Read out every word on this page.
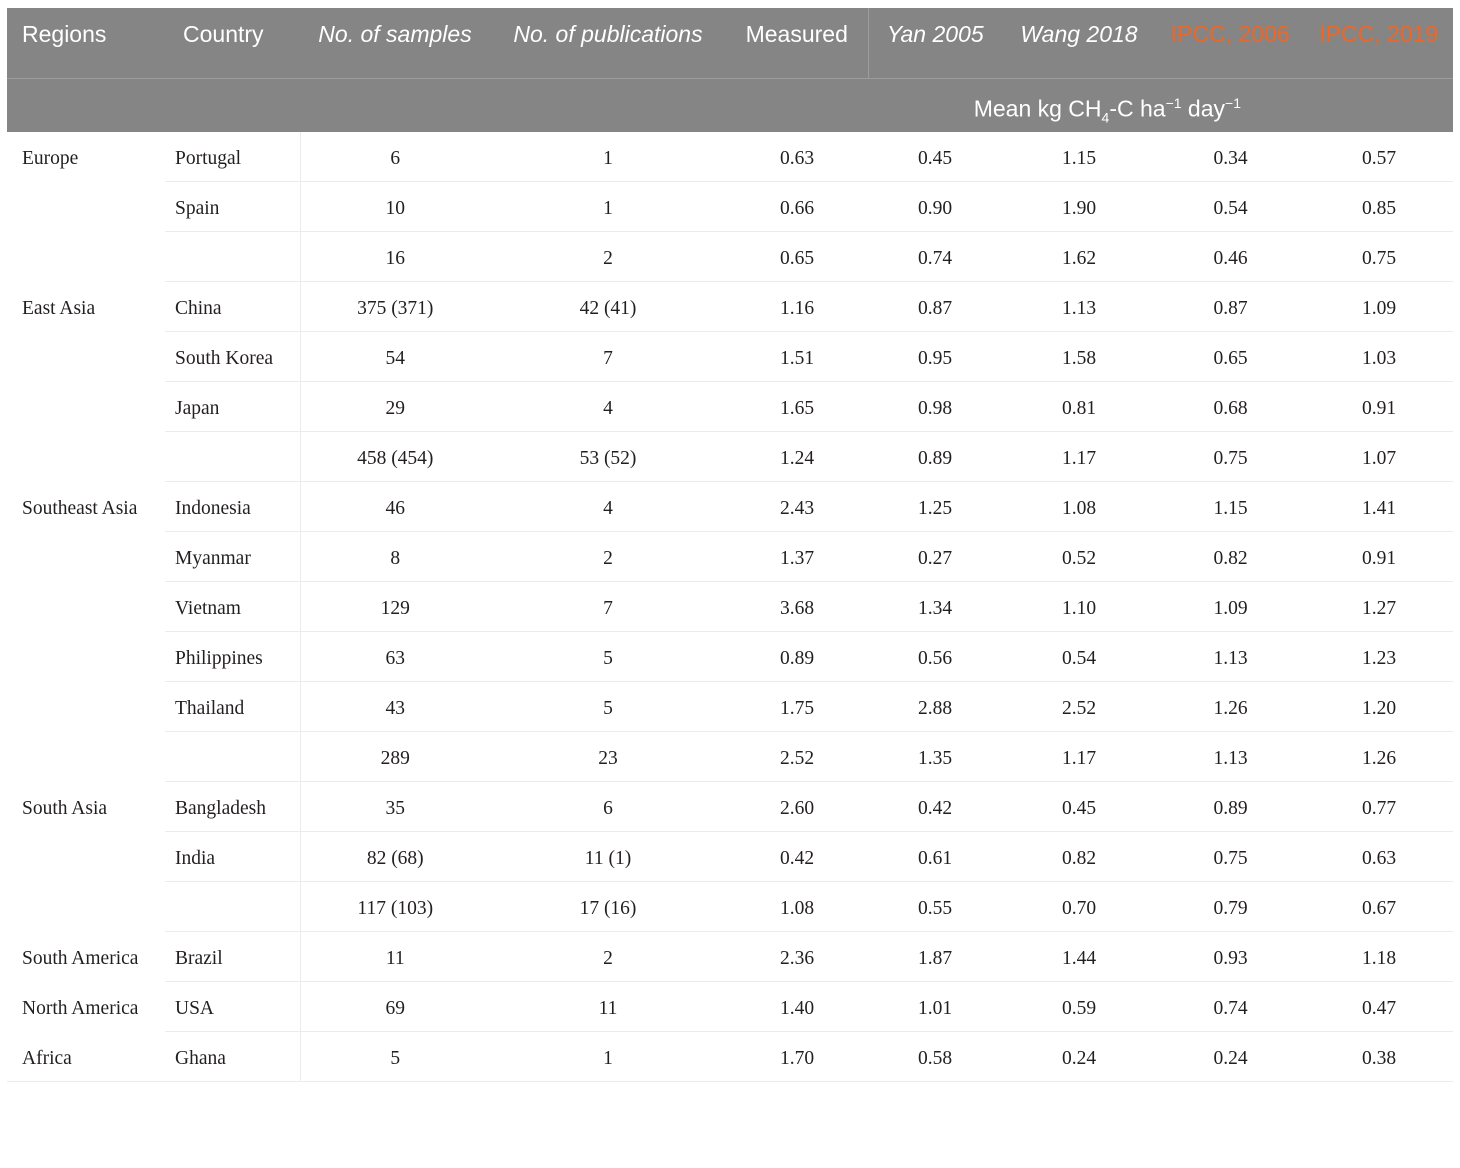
Regions	Country	No. of samples	No. of publications	Measured	Yan 2005	Wang 2018	IPCC, 2006	IPCC, 2019
Mean kg $CH_4-C$ $ha^{-1}$ day$^{-1}$
Europe	Portugal	6	1	0.63	0.45	1.15	0.34	0.57
	Spain	10	1	0.66	0.90	1.90	0.54	0.85
		16	2	0.65	0.74	1.62	0.46	0.75
East Asia	China	375 (371)	42 (41)	1.16	0.87	1.13	0.87	1.09
	South Korea	54	7	1.51	0.95	1.58	0.65	1.03
	Japan	29	4	1.65	0.98	0.81	0.68	0.91
		458 (454)	53 (52)	1.24	0.89	1.17	0.75	1.07
Southeast Asia	Indonesia	46	4	2.43	1.25	1.08	1.15	1.41
	Myanmar	8	2	1.37	0.27	0.52	0.82	0.91
	Vietnam	129	7	3.68	1.34	1.10	1.09	1.27
	Philippines	63	5	0.89	0.56	0.54	1.13	1.23
	Thailand	43	5	1.75	2.88	2.52	1.26	1.20
		289	23	2.52	1.35	1.17	1.13	1.26
South Asia	Bangladesh	35	6	2.60	0.42	0.45	0.89	0.77
	India	82 (68)	11 (1)	0.42	0.61	0.82	0.75	0.63
		117 (103)	17 (16)	1.08	0.55	0.70	0.79	0.67
South America	Brazil	11	2	2.36	1.87	1.44	0.93	1.18
North America	USA	69	11	1.40	1.01	0.59	0.74	0.47
Africa	Ghana	5	1	1.70	0.58	0.24	0.24	0.38
